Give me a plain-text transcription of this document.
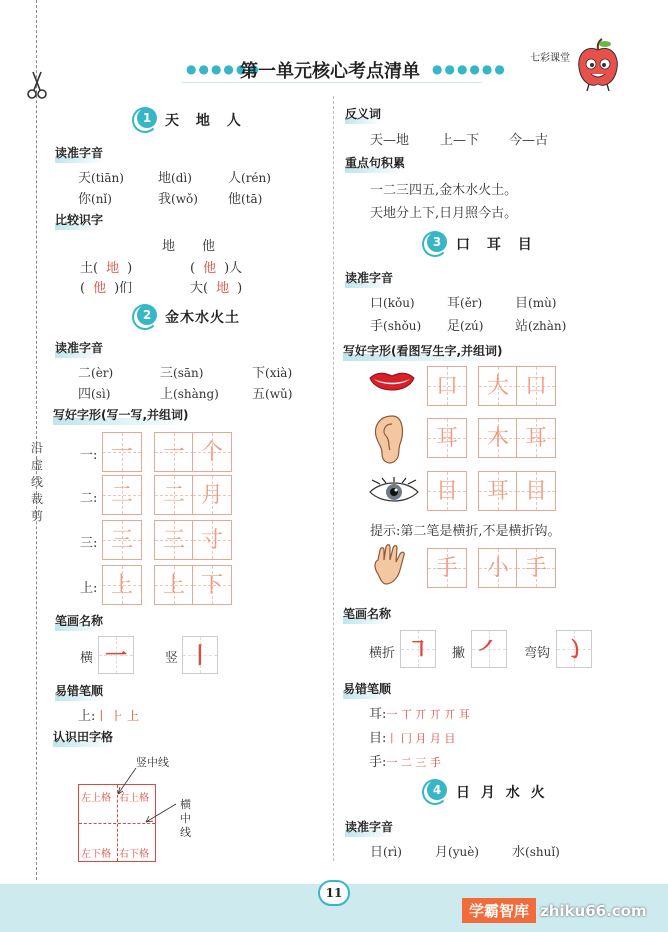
沿虚线裁剪
●●●●●●
第一单元核心考点清单 ●●●●●●
七彩课堂
1 天 地 人
读准字音
天(tiān)	地(dì)	人(rén)
你(nǐ)	我(wǒ) 他(tā)
比较识字
地 他
土( 地 )	( 他 )人
( 他 )们	大( 地 )
2 金木水火土
读准字音
二(èr)	三(sān)	下(xià)
四(sì)	上(shàng)	五(wǔ)
写好字形(写一写,并组词)
一: 一	一 个
二: 二	二 月
三: 三	三 寸
上: 上	上 下
笔画名称
横 一	竖 丨
易错笔顺
上:丨 ⺊ 上
认识田字格
左上格 右上格
左下格 右下格
竖中线
横中线
反义词
天—地 上—下 今—古
重点句积累
一二三四五,金木水火土。
天地分上下,日月照今古。
3	口 耳 目
读准字音
口(kǒu) 耳(ěr)	目(mù)
手(shǒu) 足(zú) 站(zhàn)
写好字形(看图写生字,并组词)
口	大 口
耳	木 耳
目	耳 目
提示:第二笔是横折,不是横折钩。
手	小 手
笔画名称
横折 ㇕	撇 ㇒	弯钩 ㇁
易错笔顺
耳:一 丅 丌 丌 丌 耳
目:丨 冂 月 月 目
手:一 二 三 手
4	日 月 水 火
读准字音
日(rì)	月(yuè)	水(shuǐ)
11
学霸智库 zhiku66.com
